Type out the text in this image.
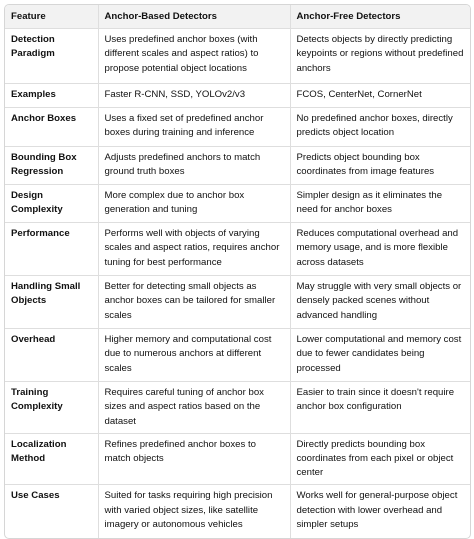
Feature	Anchor-Based Detectors	Anchor-Free Detectors
Detection Paradigm	Uses predefined anchor boxes (with different scales and aspect ratios) to propose potential object locations	Detects objects by directly predicting keypoints or regions without predefined anchors
Examples	Faster R-CNN, SSD, YOLOv2/v3	FCOS, CenterNet, CornerNet
Anchor Boxes	Uses a fixed set of predefined anchor boxes during training and inference	No predefined anchor boxes, directly predicts object location
Bounding Box Regression	Adjusts predefined anchors to match ground truth boxes	Predicts object bounding box coordinates from image features
Design Complexity	More complex due to anchor box generation and tuning	Simpler design as it eliminates the need for anchor boxes
Performance	Performs well with objects of varying scales and aspect ratios, requires anchor tuning for best performance	Reduces computational overhead and memory usage, and is more flexible across datasets
Handling Small Objects	Better for detecting small objects as anchor boxes can be tailored for smaller scales	May struggle with very small objects or densely packed scenes without advanced handling
Overhead	Higher memory and computational cost due to numerous anchors at different scales	Lower computational and memory cost due to fewer candidates being processed
Training Complexity	Requires careful tuning of anchor box sizes and aspect ratios based on the dataset	Easier to train since it doesn't require anchor box configuration
Localization Method	Refines predefined anchor boxes to match objects	Directly predicts bounding box coordinates from each pixel or object center
Use Cases	Suited for tasks requiring high precision with varied object sizes, like satellite imagery or autonomous vehicles	Works well for general-purpose object detection with lower overhead and simpler setups
